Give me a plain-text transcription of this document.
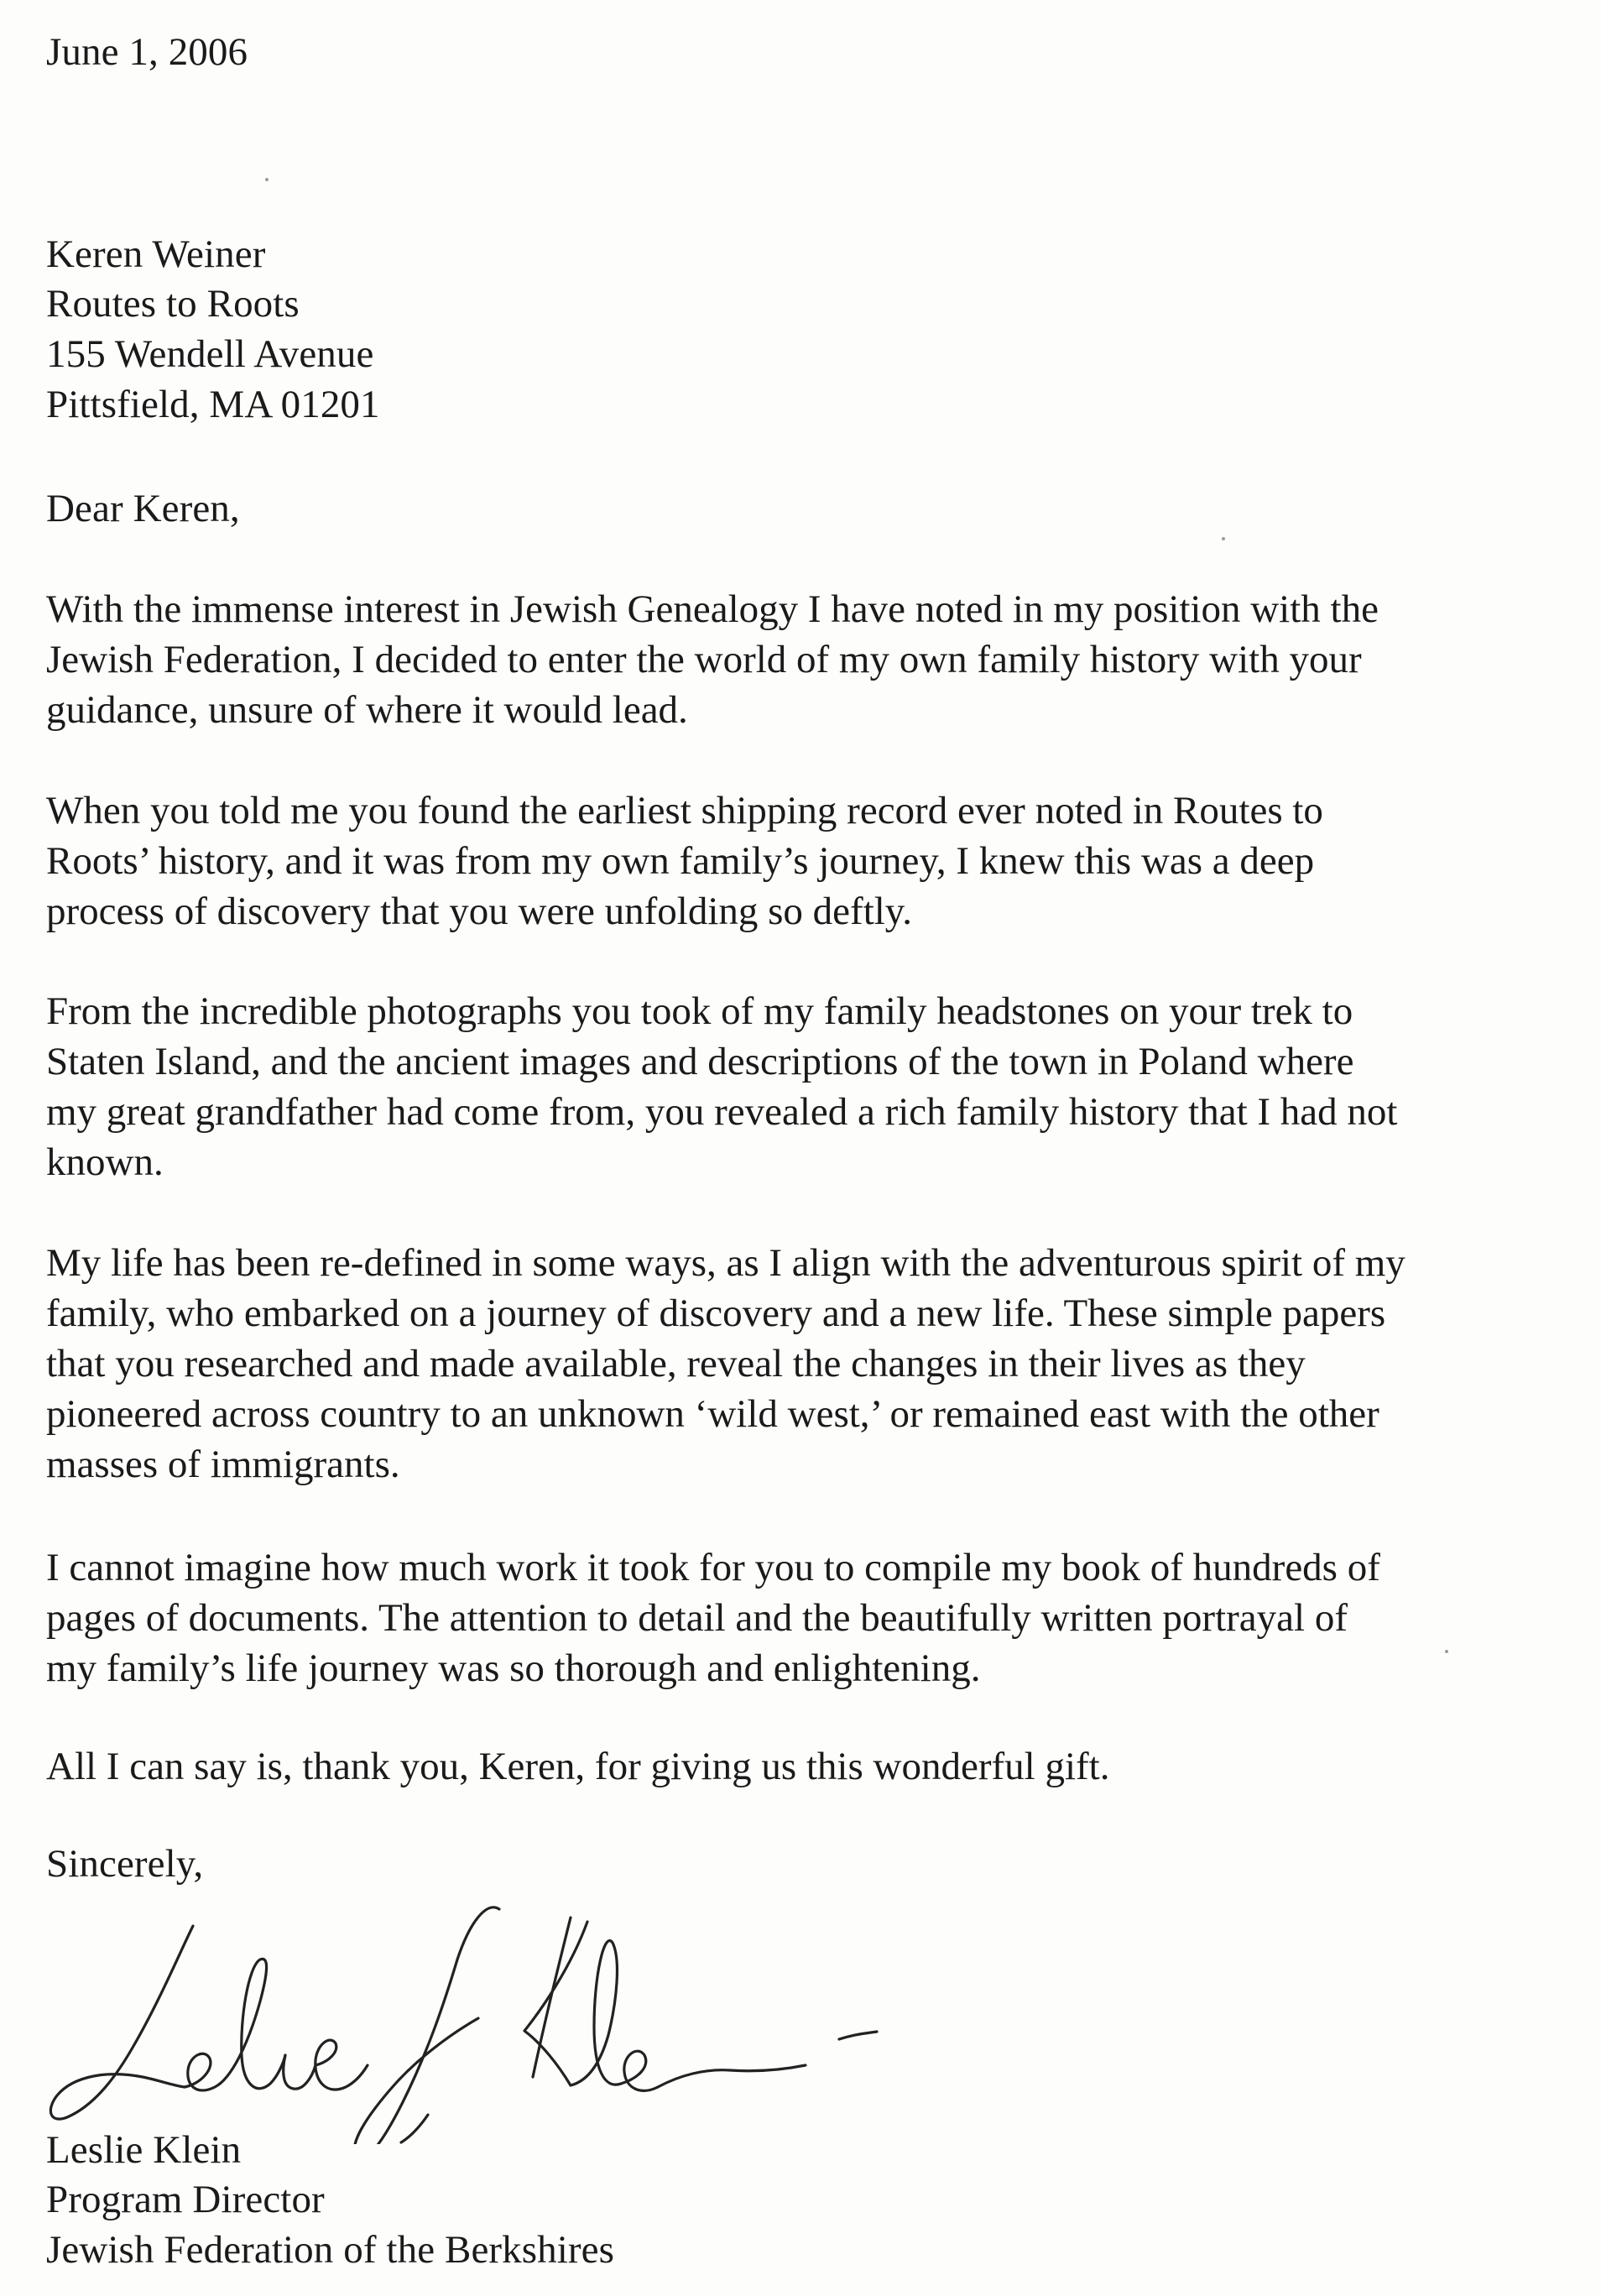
June 1, 2006
Keren Weiner
Routes to Roots
155 Wendell Avenue
Pittsfield, MA 01201
Dear Keren,
With the immense interest in Jewish Genealogy I have noted in my position with the
Jewish Federation, I decided to enter the world of my own family history with your
guidance, unsure of where it would lead.
When you told me you found the earliest shipping record ever noted in Routes to
Roots’ history, and it was from my own family’s journey, I knew this was a deep
process of discovery that you were unfolding so deftly.
From the incredible photographs you took of my family headstones on your trek to
Staten Island, and the ancient images and descriptions of the town in Poland where
my great grandfather had come from, you revealed a rich family history that I had not
known.
My life has been re-defined in some ways, as I align with the adventurous spirit of my
family, who embarked on a journey of discovery and a new life. These simple papers
that you researched and made available, reveal the changes in their lives as they
pioneered across country to an unknown ‘wild west,’ or remained east with the other
masses of immigrants.
I cannot imagine how much work it took for you to compile my book of hundreds of
pages of documents. The attention to detail and the beautifully written portrayal of
my family’s life journey was so thorough and enlightening.
All I can say is, thank you, Keren, for giving us this wonderful gift.
Sincerely,
Leslie Klein
Program Director
Jewish Federation of the Berkshires
